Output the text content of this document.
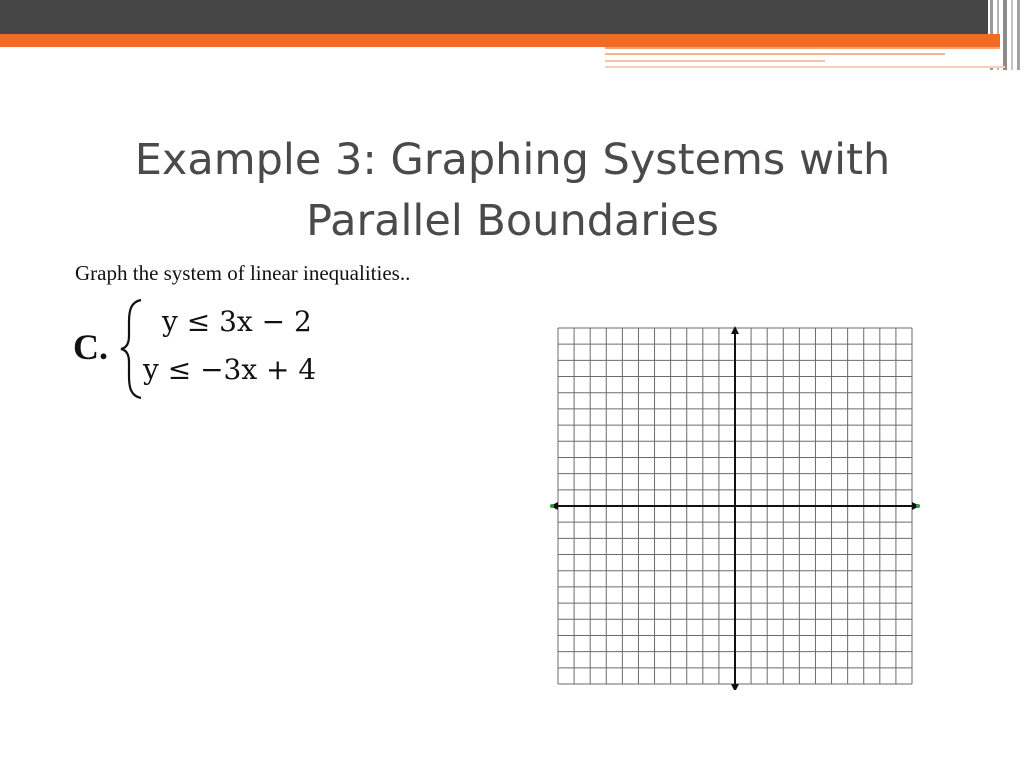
Example 3: Graphing Systems with
Parallel Boundaries
Graph the system of linear inequalities..
C.
y ≤ 3x − 2
y ≤ −3x + 4
